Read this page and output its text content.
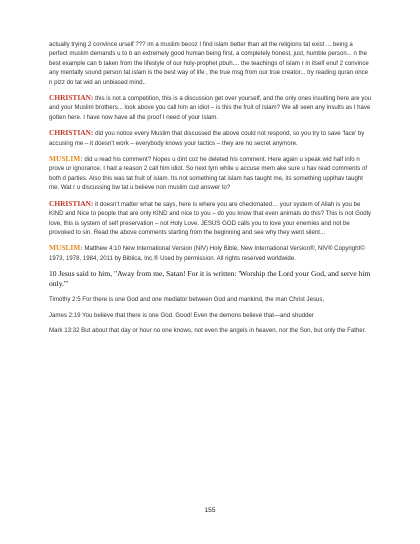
actually trying 2 convince urself ??? im a muslim becoz I find islam better than all the religions tat exist ... being a perfect muslim demands u to b an extremely good human being first, a completely honest, just, humble person... n the best example can b taken from the lifestyle of our holy-prophet pbuh.... the teachings of islam r in itself enuf 2 convince any mentally sound person tat islam is the best way of life , the true msg from our true creator... try reading quran once n plzz do tat wid an unbiased mind..

CHRISTIAN: this is not a competition, this is a discussion get over yourself, and the only ones insulting here are you and your Muslim brothers... look above you call him an idiot – is this the fruit of Islam? We all seen any insults as I have gotten here. I have now have all the proof I need of your Islam.

CHRISTIAN: did you notice every Muslim that discussed the above could not respond, so you try to save 'face' by accusing me – it doesn't work – everybody knows your tactics – they are no secret anymore.

MUSLIM: did u read his comment? Nopes u dint coz he deleted his comment. Here again u speak wid half info n prove ur ignorance. I had a reason 2 call him idiot. So next tym while u accuse mem ake sure u hav read comments of both d parties. Also this was tat fruit of islam. Its not something tat islam has taught me, its something upplhav taught me. Wat r u discussing bw tat u believe non muslim cud answer to?

CHRISTIAN: it doesn't matter what he says, here is where you are checkmated… your system of Allah is you be KIND and Nice to people that are only KIND and nice to you – do you know that even animals do this? This is not Godly love, this is system of self preservation – not Holy Love. JESUS GOD calls you to love your enemies and not be provoked to sin. Read the above comments starting from the beginning and see why they went silent...

MUSLIM: Matthew 4:10 New International Version (NIV) Holy Bible, New International Version®, NIV® Copyright© 1973, 1978, 1984, 2011 by Biblica, Inc.® Used by permission. All rights reserved worldwide.

10 Jesus said to him, "Away from me, Satan! For it is written: 'Worship the Lord your God, and serve him only.'"

Timothy 2:5 For there is one God and one mediator between God and mankind, the man Christ Jesus,

James 2:19 You believe that there is one God. Good! Even the demons believe that—and shudder

Mark 13:32 But about that day or hour no one knows, not even the angels in heaven, nor the Son, but only the Father.

155
